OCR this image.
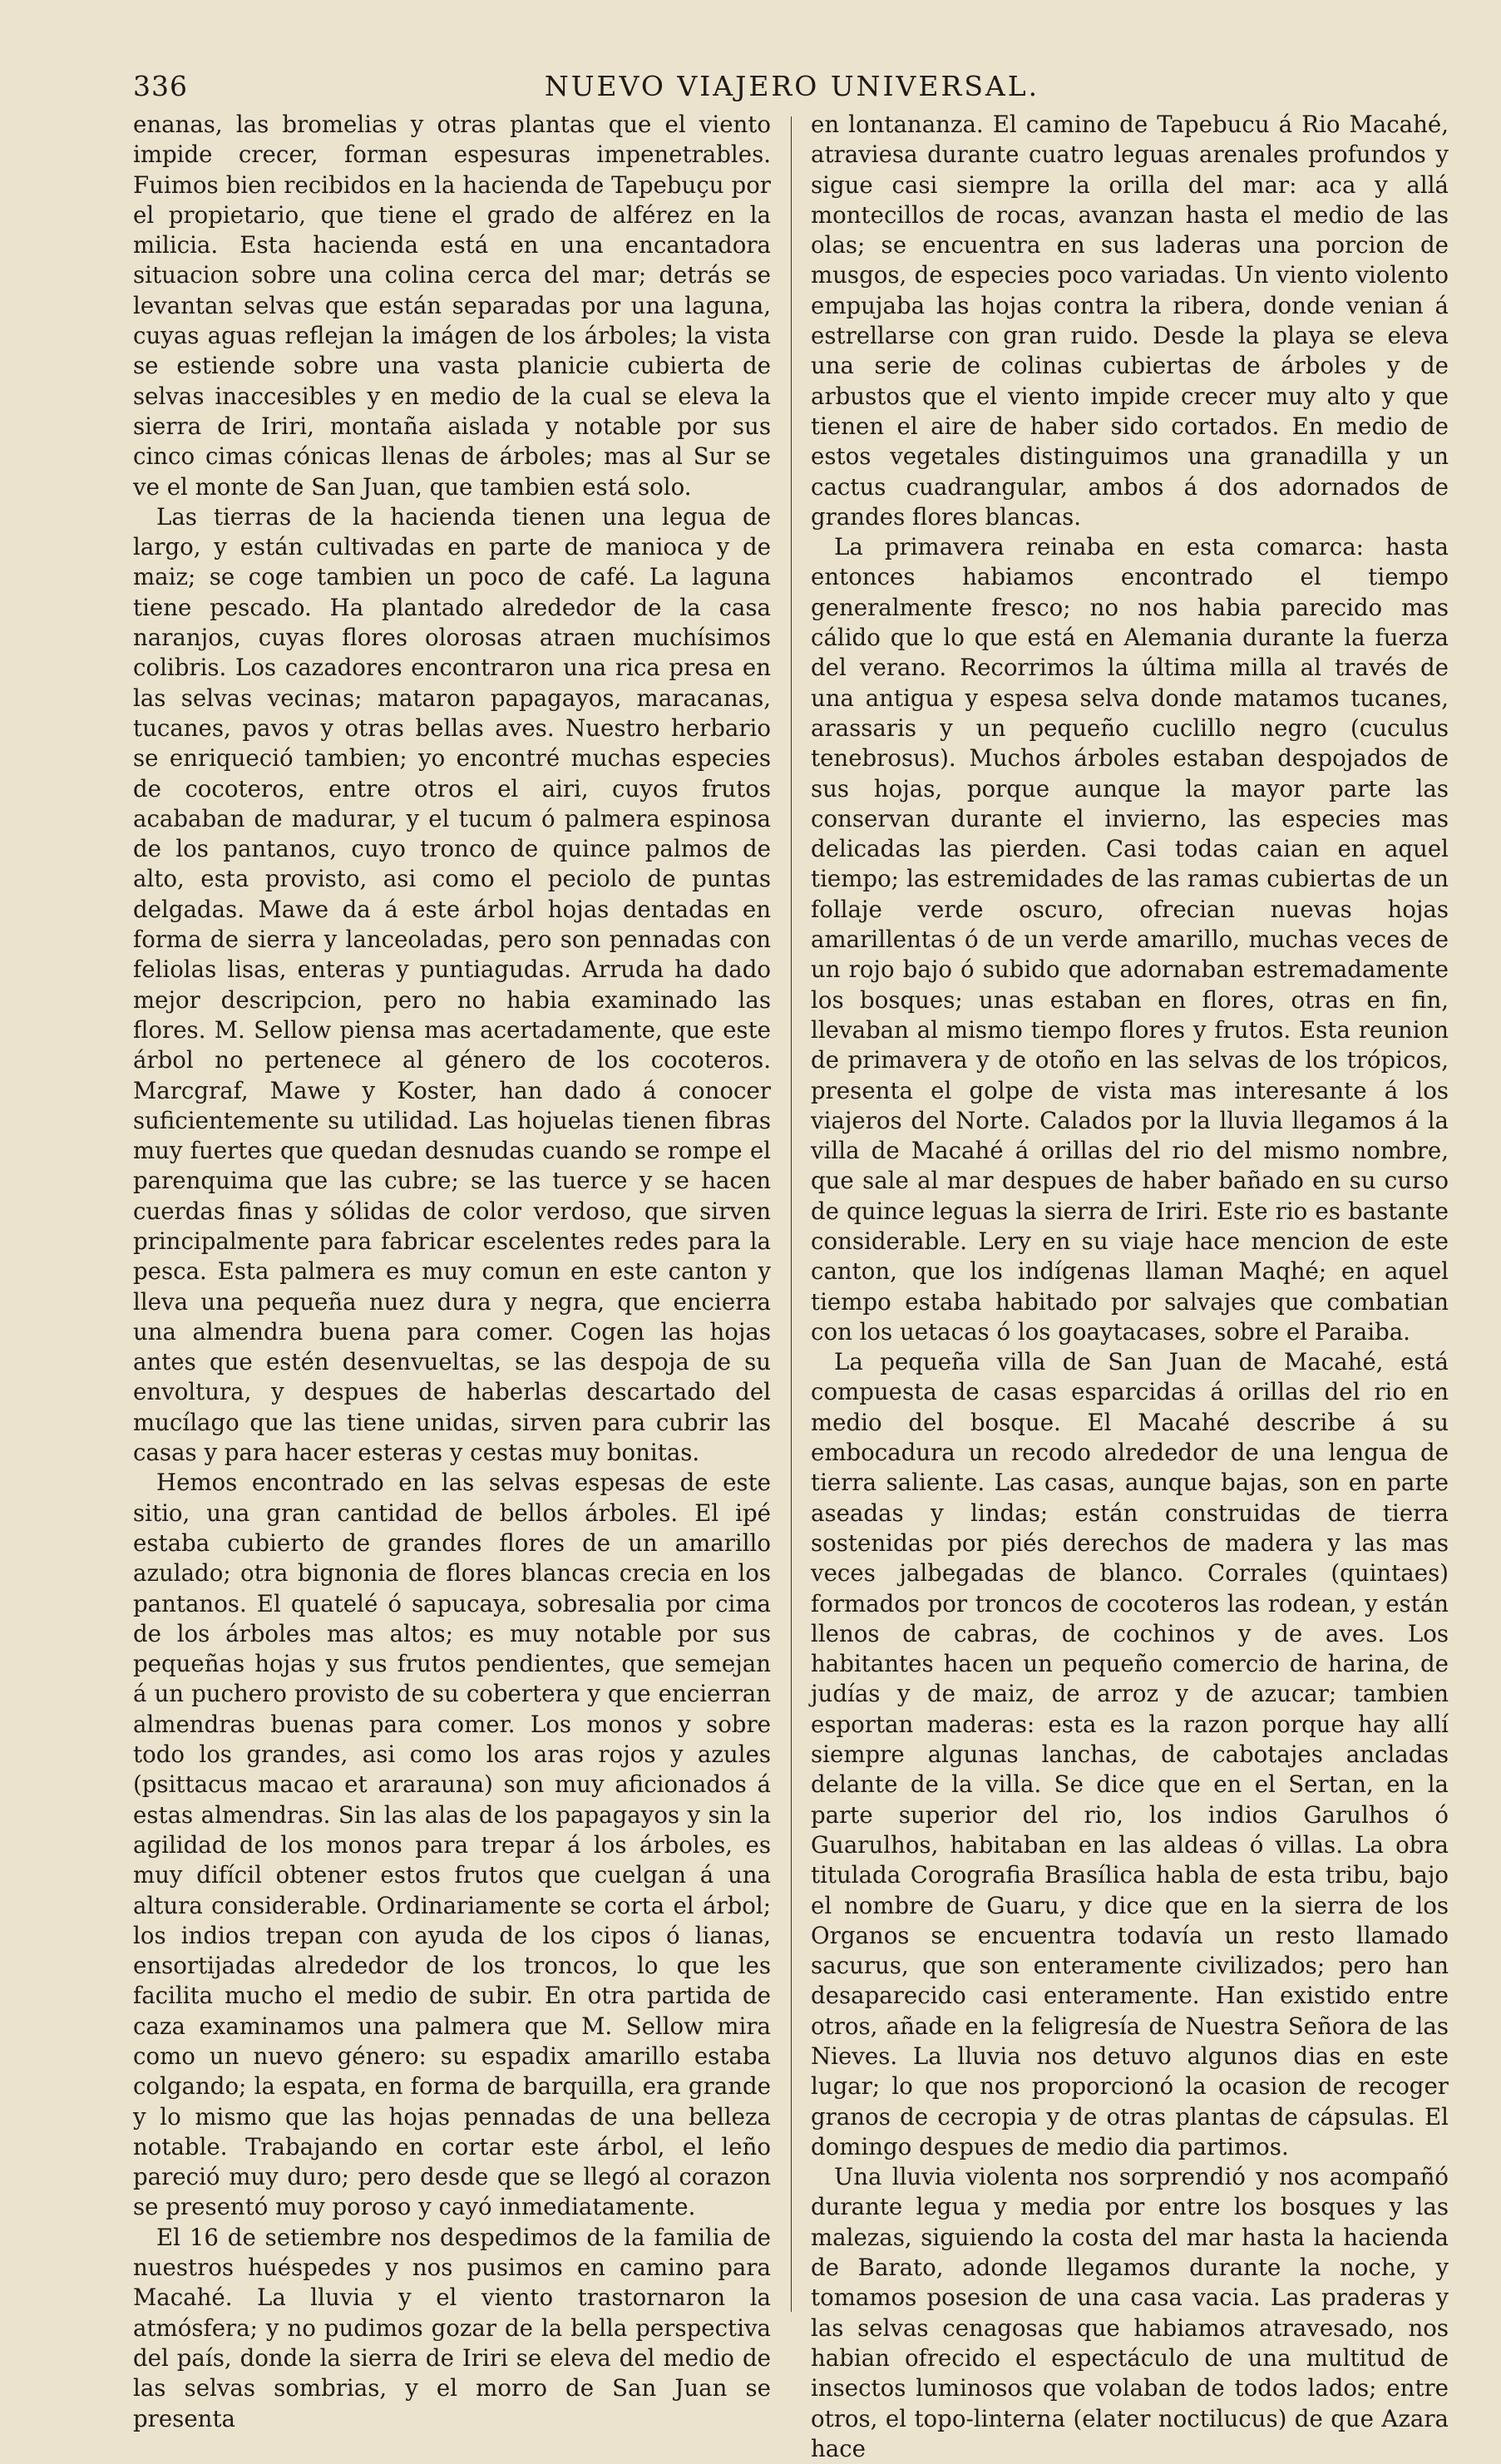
336	NUEVO VIAJERO UNIVERSAL.

enanas, las bromelias y otras plantas que el viento impide crecer, forman espesuras impenetrables. Fuimos bien recibidos en la hacienda de Tapebuçu por el propietario, que tiene el grado de alférez en la milicia. Esta hacienda está en una encantadora situacion sobre una colina cerca del mar; detrás se levantan selvas que están separadas por una laguna, cuyas aguas reflejan la imágen de los árboles; la vista se estiende sobre una vasta planicie cubierta de selvas inaccesibles y en medio de la cual se eleva la sierra de Iriri, montaña aislada y notable por sus cinco cimas cónicas llenas de árboles; mas al Sur se ve el monte de San Juan, que tambien está solo.

Las tierras de la hacienda tienen una legua de largo, y están cultivadas en parte de manioca y de maiz; se coge tambien un poco de café. La laguna tiene pescado. Ha plantado alrededor de la casa naranjos, cuyas flores olorosas atraen muchísimos colibris. Los cazadores encontraron una rica presa en las selvas vecinas; mataron papagayos, maracanas, tucanes, pavos y otras bellas aves. Nuestro herbario se enriqueció tambien; yo encontré muchas especies de cocoteros, entre otros el airi, cuyos frutos acababan de madurar, y el tucum ó palmera espinosa de los pantanos, cuyo tronco de quince palmos de alto, esta provisto, asi como el peciolo de puntas delgadas. Mawe da á este árbol hojas dentadas en forma de sierra y lanceoladas, pero son pennadas con feliolas lisas, enteras y puntiagudas. Arruda ha dado mejor descripcion, pero no habia examinado las flores. M. Sellow piensa mas acertadamente, que este árbol no pertenece al género de los cocoteros. Marcgraf, Mawe y Koster, han dado á conocer suficientemente su utilidad. Las hojuelas tienen fibras muy fuertes que quedan desnudas cuando se rompe el parenquima que las cubre; se las tuerce y se hacen cuerdas finas y sólidas de color verdoso, que sirven principalmente para fabricar escelentes redes para la pesca. Esta palmera es muy comun en este canton y lleva una pequeña nuez dura y negra, que encierra una almendra buena para comer. Cogen las hojas antes que estén desenvueltas, se las despoja de su envoltura, y despues de haberlas descartado del mucílago que las tiene unidas, sirven para cubrir las casas y para hacer esteras y cestas muy bonitas.

Hemos encontrado en las selvas espesas de este sitio, una gran cantidad de bellos árboles. El ipé estaba cubierto de grandes flores de un amarillo azulado; otra bignonia de flores blancas crecia en los pantanos. El quatelé ó sapucaya, sobresalia por cima de los árboles mas altos; es muy notable por sus pequeñas hojas y sus frutos pendientes, que semejan á un puchero provisto de su cobertera y que encierran almendras buenas para comer. Los monos y sobre todo los grandes, asi como los aras rojos y azules (psittacus macao et ararauna) son muy aficionados á estas almendras. Sin las alas de los papagayos y sin la agilidad de los monos para trepar á los árboles, es muy difícil obtener estos frutos que cuelgan á una altura considerable. Ordinariamente se corta el árbol; los indios trepan con ayuda de los cipos ó lianas, ensortijadas alrededor de los troncos, lo que les facilita mucho el medio de subir. En otra partida de caza examinamos una palmera que M. Sellow mira como un nuevo género: su espadix amarillo estaba colgando; la espata, en forma de barquilla, era grande y lo mismo que las hojas pennadas de una belleza notable. Trabajando en cortar este árbol, el leño pareció muy duro; pero desde que se llegó al corazon se presentó muy poroso y cayó inmediatamente.

El 16 de setiembre nos despedimos de la familia de nuestros huéspedes y nos pusimos en camino para Macahé. La lluvia y el viento trastornaron la atmósfera; y no pudimos gozar de la bella perspectiva del país, donde la sierra de Iriri se eleva del medio de las selvas sombrias, y el morro de San Juan se presenta

en lontananza. El camino de Tapebucu á Rio Macahé, atraviesa durante cuatro leguas arenales profundos y sigue casi siempre la orilla del mar: aca y allá montecillos de rocas, avanzan hasta el medio de las olas; se encuentra en sus laderas una porcion de musgos, de especies poco variadas. Un viento violento empujaba las hojas contra la ribera, donde venian á estrellarse con gran ruido. Desde la playa se eleva una serie de colinas cubiertas de árboles y de arbustos que el viento impide crecer muy alto y que tienen el aire de haber sido cortados. En medio de estos vegetales distinguimos una granadilla y un cactus cuadrangular, ambos á dos adornados de grandes flores blancas.

La primavera reinaba en esta comarca: hasta entonces habiamos encontrado el tiempo generalmente fresco; no nos habia parecido mas cálido que lo que está en Alemania durante la fuerza del verano. Recorrimos la última milla al través de una antigua y espesa selva donde matamos tucanes, arassaris y un pequeño cuclillo negro (cuculus tenebrosus). Muchos árboles estaban despojados de sus hojas, porque aunque la mayor parte las conservan durante el invierno, las especies mas delicadas las pierden. Casi todas caian en aquel tiempo; las estremidades de las ramas cubiertas de un follaje verde oscuro, ofrecian nuevas hojas amarillentas ó de un verde amarillo, muchas veces de un rojo bajo ó subido que adornaban estremadamente los bosques; unas estaban en flores, otras en fin, llevaban al mismo tiempo flores y frutos. Esta reunion de primavera y de otoño en las selvas de los trópicos, presenta el golpe de vista mas interesante á los viajeros del Norte. Calados por la lluvia llegamos á la villa de Macahé á orillas del rio del mismo nombre, que sale al mar despues de haber bañado en su curso de quince leguas la sierra de Iriri. Este rio es bastante considerable. Lery en su viaje hace mencion de este canton, que los indígenas llaman Maqhé; en aquel tiempo estaba habitado por salvajes que combatian con los uetacas ó los goaytacases, sobre el Paraiba.

La pequeña villa de San Juan de Macahé, está compuesta de casas esparcidas á orillas del rio en medio del bosque. El Macahé describe á su embocadura un recodo alrededor de una lengua de tierra saliente. Las casas, aunque bajas, son en parte aseadas y lindas; están construidas de tierra sostenidas por piés derechos de madera y las mas veces jalbegadas de blanco. Corrales (quintaes) formados por troncos de cocoteros las rodean, y están llenos de cabras, de cochinos y de aves. Los habitantes hacen un pequeño comercio de harina, de judías y de maiz, de arroz y de azucar; tambien esportan maderas: esta es la razon porque hay allí siempre algunas lanchas, de cabotajes ancladas delante de la villa. Se dice que en el Sertan, en la parte superior del rio, los indios Garulhos ó Guarulhos, habitaban en las aldeas ó villas. La obra titulada Corografia Brasílica habla de esta tribu, bajo el nombre de Guaru, y dice que en la sierra de los Organos se encuentra todavía un resto llamado sacurus, que son enteramente civilizados; pero han desaparecido casi enteramente. Han existido entre otros, añade en la feligresía de Nuestra Señora de las Nieves. La lluvia nos detuvo algunos dias en este lugar; lo que nos proporcionó la ocasion de recoger granos de cecropia y de otras plantas de cápsulas. El domingo despues de medio dia partimos.

Una lluvia violenta nos sorprendió y nos acompañó durante legua y media por entre los bosques y las malezas, siguiendo la costa del mar hasta la hacienda de Barato, adonde llegamos durante la noche, y tomamos posesion de una casa vacia. Las praderas y las selvas cenagosas que habiamos atravesado, nos habian ofrecido el espectáculo de una multitud de insectos luminosos que volaban de todos lados; entre otros, el topo-linterna (elater noctilucus) de que Azara hace
